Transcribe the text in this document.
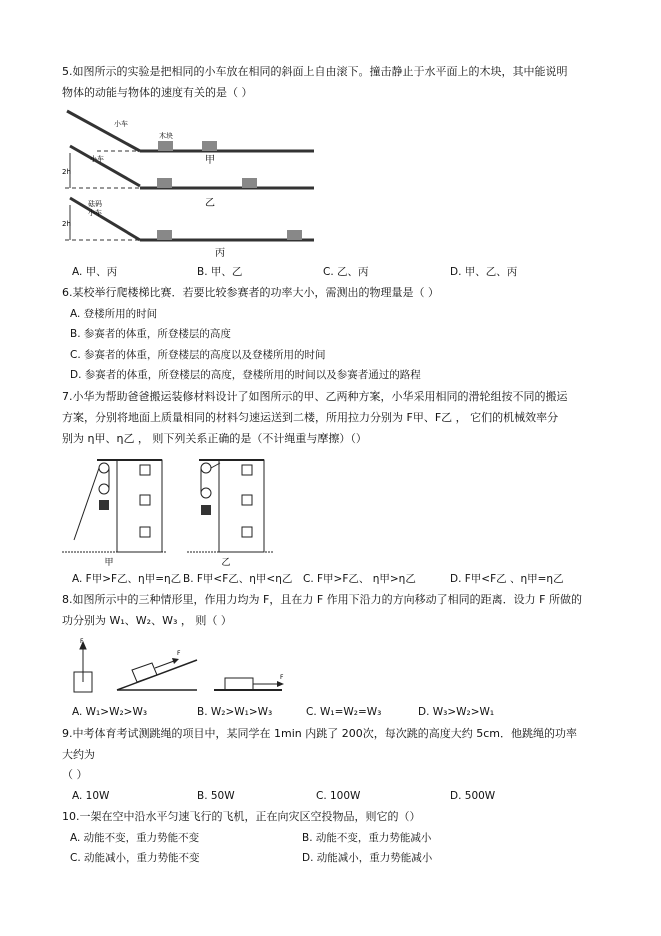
5.如图所示的实验是把相同的小车放在相同的斜面上自由滚下。撞击静止于水平面上的木块，其中能说明
物体的动能与物体的速度有关的是（ ）
小车
木块
甲
小车
2h
乙
砝码
小车
2h
丙
A. 甲、丙	B. 甲、乙	C. 乙、丙	D. 甲、乙、丙
6.某校举行爬楼梯比赛．若要比较参赛者的功率大小，需测出的物理量是（ ）
A. 登楼所用的时间
B. 参赛者的体重，所登楼层的高度
C. 参赛者的体重，所登楼层的高度以及登楼所用的时间
D. 参赛者的体重，所登楼层的高度，登楼所用的时间以及参赛者通过的路程
7.小华为帮助爸爸搬运装修材料设计了如图所示的甲、乙两种方案，小华采用相同的滑轮组按不同的搬运
方案，分别将地面上质量相同的材料匀速运送到二楼，所用拉力分别为 F甲、F乙 ， 它们的机械效率分
别为 η甲、η乙 ， 则下列关系正确的是（不计绳重与摩擦）（）
甲	乙
A. F甲>F乙、η甲=η乙 B. F甲<F乙、η甲<η乙 C. F甲>F乙、 η甲>η乙	D. F甲<F乙 、η甲=η乙
8.如图所示中的三种情形里，作用力均为 F，且在力 F 作用下沿力的方向移动了相同的距离．设力 F 所做的
功分别为 W₁、W₂、W₃ ， 则（ ）
F
F
F
A. W₁>W₂>W₃	B. W₂>W₁>W₃	C. W₁=W₂=W₃	D. W₃>W₂>W₁
9.中考体育考试测跳绳的项目中，某同学在 1min 内跳了 200次，每次跳的高度大约 5cm．他跳绳的功率
大约为
（ ）
A. 10W	B. 50W	C. 100W	D. 500W
10.一架在空中沿水平匀速飞行的飞机，正在向灾区空投物品，则它的（）
A. 动能不变，重力势能不变	B. 动能不变，重力势能减小
C. 动能减小，重力势能不变	D. 动能减小，重力势能减小
